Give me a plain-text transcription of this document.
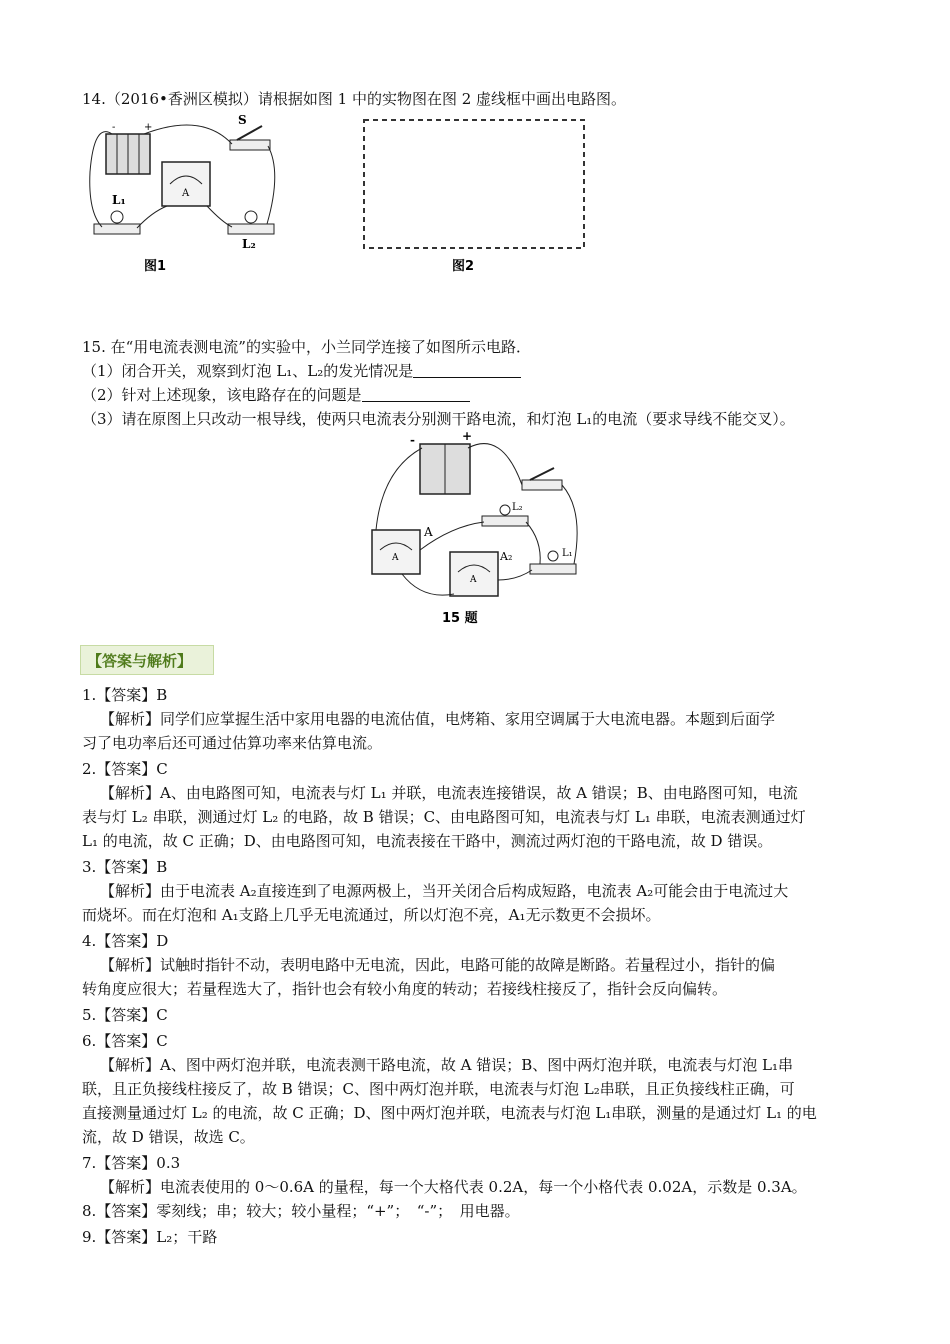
14.（2016•香洲区模拟）请根据如图 1 中的实物图在图 2 虚线框中画出电路图。
-	+
S
A
L₁
L₂
图1	图2
15. 在“用电流表测电流”的实验中，小兰同学连接了如图所示电路．
（1）闭合开关，观察到灯泡 L₁、L₂的发光情况是
（2）针对上述现象，该电路存在的问题是
（3）请在原图上只改动一根导线，使两只电流表分别测干路电流，和灯泡 L₁的电流（要求导线不能交叉）。
-	+
L₂
A
A
A
A₂	L₁
15 题
【答案与解析】
1.【答案】B
【解析】同学们应掌握生活中家用电器的电流估值，电烤箱、家用空调属于大电流电器。本题到后面学
习了电功率后还可通过估算功率来估算电流。
2.【答案】C
【解析】A、由电路图可知，电流表与灯 L₁ 并联，电流表连接错误，故 A 错误；B、由电路图可知，电流
表与灯 L₂ 串联，测通过灯 L₂ 的电路，故 B 错误；C、由电路图可知，电流表与灯 L₁ 串联，电流表测通过灯
L₁ 的电流，故 C 正确；D、由电路图可知，电流表接在干路中，测流过两灯泡的干路电流，故 D 错误。
3.【答案】B
【解析】由于电流表 A₂直接连到了电源两极上，当开关闭合后构成短路，电流表 A₂可能会由于电流过大
而烧坏。而在灯泡和 A₁支路上几乎无电流通过，所以灯泡不亮，A₁无示数更不会损坏。
4.【答案】D
【解析】试触时指针不动，表明电路中无电流，因此，电路可能的故障是断路。若量程过小，指针的偏
转角度应很大；若量程选大了，指针也会有较小角度的转动；若接线柱接反了，指针会反向偏转。
5.【答案】C
6.【答案】C
【解析】A、图中两灯泡并联，电流表测干路电流，故 A 错误；B、图中两灯泡并联，电流表与灯泡 L₁串
联，且正负接线柱接反了，故 B 错误；C、图中两灯泡并联，电流表与灯泡 L₂串联，且正负接线柱正确，可
直接测量通过灯 L₂ 的电流，故 C 正确；D、图中两灯泡并联，电流表与灯泡 L₁串联，测量的是通过灯 L₁ 的电
流，故 D 错误，故选 C。
7.【答案】0.3
【解析】电流表使用的 0～0.6A 的量程，每一个大格代表 0.2A，每一个小格代表 0.02A，示数是 0.3A。
8.【答案】零刻线；串；较大；较小量程；“+”；　“-”；　用电器。
9.【答案】L₂；干路
